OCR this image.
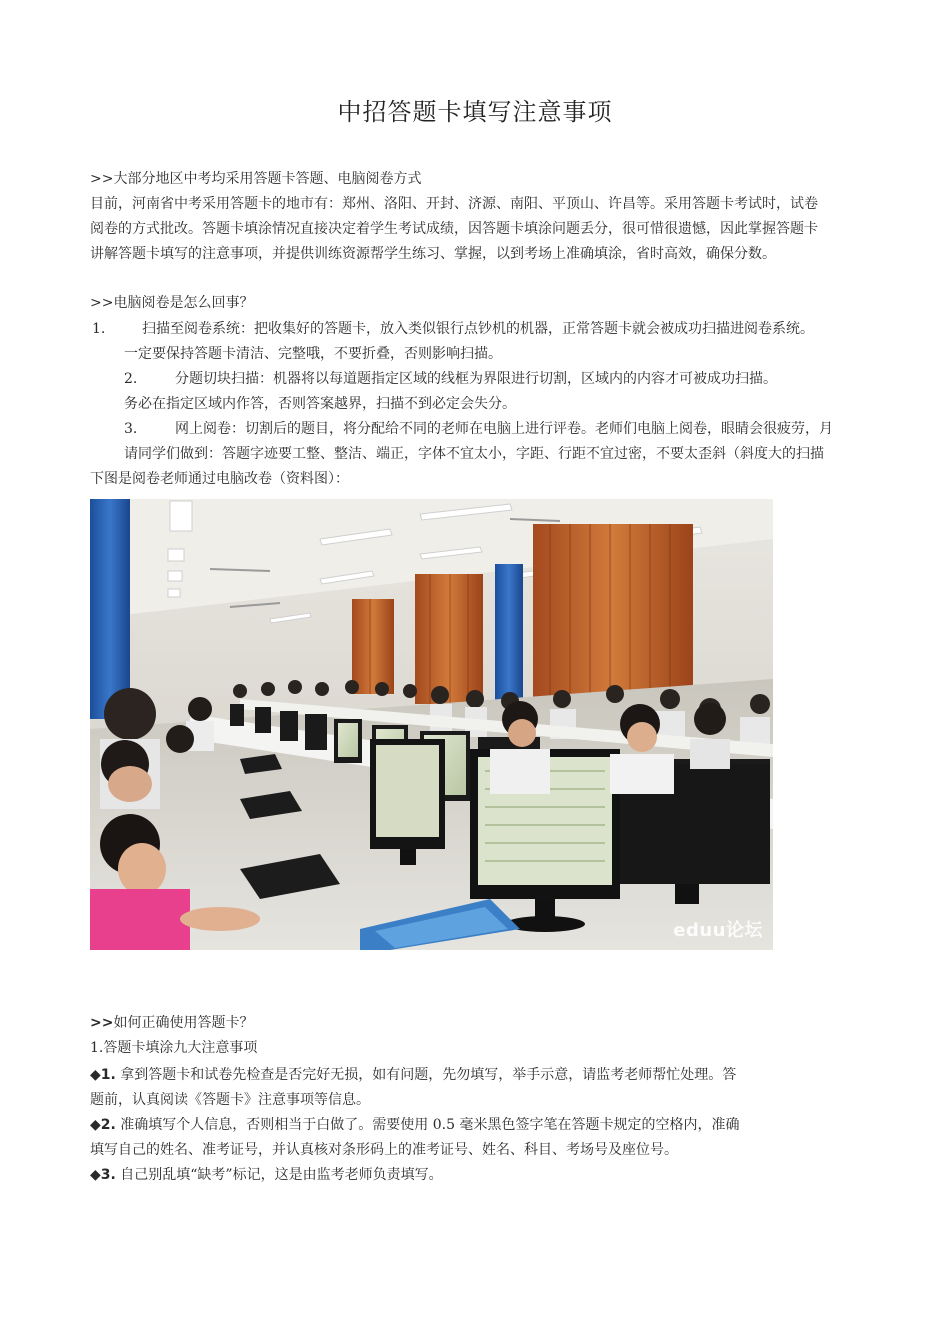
中招答题卡填写注意事项
>>大部分地区中考均采用答题卡答题、电脑阅卷方式
目前，河南省中考采用答题卡的地市有：郑州、洛阳、开封、济源、南阳、平顶山、许昌等。采用答题卡考试时，试卷
阅卷的方式批改。答题卡填涂情况直接决定着学生考试成绩，因答题卡填涂问题丢分，很可惜很遗憾，因此掌握答题卡
讲解答题卡填写的注意事项，并提供训练资源帮学生练习、掌握，以到考场上准确填涂，省时高效，确保分数。
>>电脑阅卷是怎么回事？
1.	扫描至阅卷系统：把收集好的答题卡，放入类似银行点钞机的机器，正常答题卡就会被成功扫描进阅卷系统。
一定要保持答题卡清洁、完整哦，不要折叠，否则影响扫描。
2.	分题切块扫描：机器将以每道题指定区域的线框为界限进行切割，区域内的内容才可被成功扫描。
务必在指定区域内作答，否则答案越界，扫描不到必定会失分。
3.	网上阅卷：切割后的题目，将分配给不同的老师在电脑上进行评卷。老师们电脑上阅卷，眼睛会很疲劳，月
请同学们做到：答题字迹要工整、整洁、端正，字体不宜太小，字距、行距不宜过密，不要太歪斜（斜度大的扫描
下图是阅卷老师通过电脑改卷（资料图）：
eduu论坛
>>如何正确使用答题卡？
1.答题卡填涂九大注意事项
◆1. 拿到答题卡和试卷先检查是否完好无损，如有问题，先勿填写，举手示意，请监考老师帮忙处理。答
题前，认真阅读《答题卡》注意事项等信息。
◆2. 准确填写个人信息，否则相当于白做了。需要使用 0.5 毫米黑色签字笔在答题卡规定的空格内，准确
填写自己的姓名、准考证号，并认真核对条形码上的准考证号、姓名、科目、考场号及座位号。
◆3. 自己别乱填“缺考”标记，这是由监考老师负责填写。
